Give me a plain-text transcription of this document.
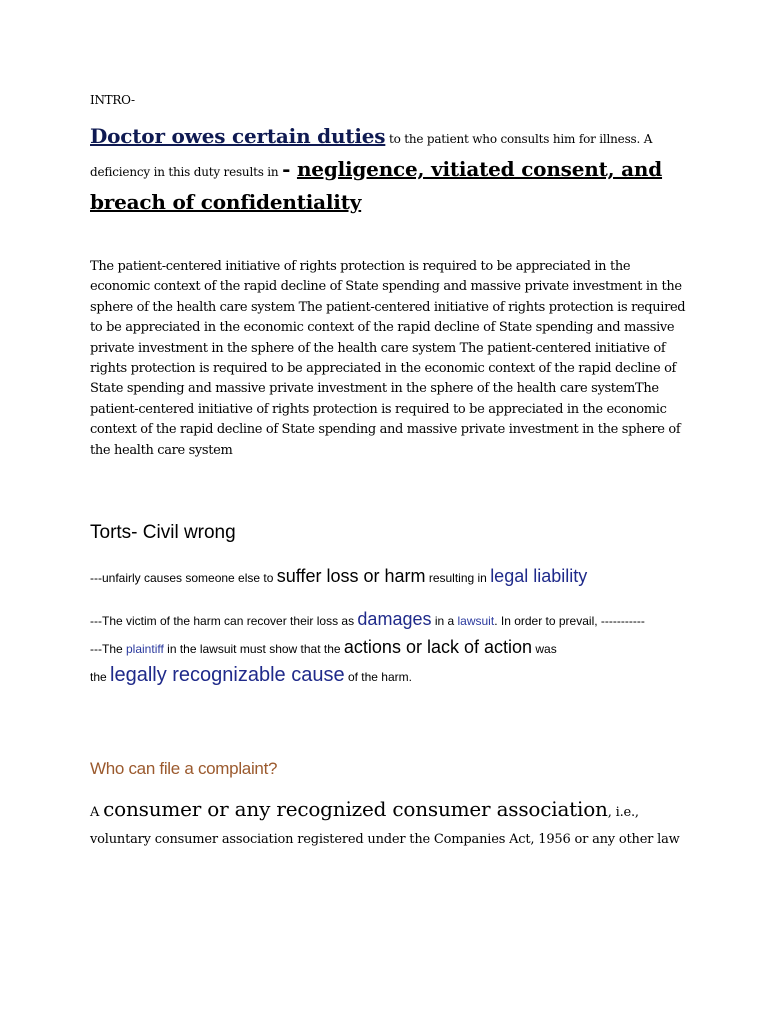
INTRO-
Doctor owes certain duties to the patient who consults him for illness. A deficiency in this duty results in - negligence, vitiated consent, and breach of confidentiality
The patient-centered initiative of rights protection is required to be appreciated in the economic context of the rapid decline of State spending and massive private investment in the sphere of the health care system The patient-centered initiative of rights protection is required to be appreciated in the economic context of the rapid decline of State spending and massive private investment in the sphere of the health care system The patient-centered initiative of rights protection is required to be appreciated in the economic context of the rapid decline of State spending and massive private investment in the sphere of the health care systemThe patient-centered initiative of rights protection is required to be appreciated in the economic context of the rapid decline of State spending and massive private investment in the sphere of the health care system
Torts- Civil wrong
---unfairly causes someone else to suffer loss or harm resulting in legal liability
---The victim of the harm can recover their loss as damages in a lawsuit. In order to prevail, -----------
---The plaintiff in the lawsuit must show that the actions or lack of action was
the legally recognizable cause of the harm.
Who can file a complaint?
A consumer or any recognized consumer association, i.e., voluntary consumer association registered under the Companies Act, 1956 or any other law
